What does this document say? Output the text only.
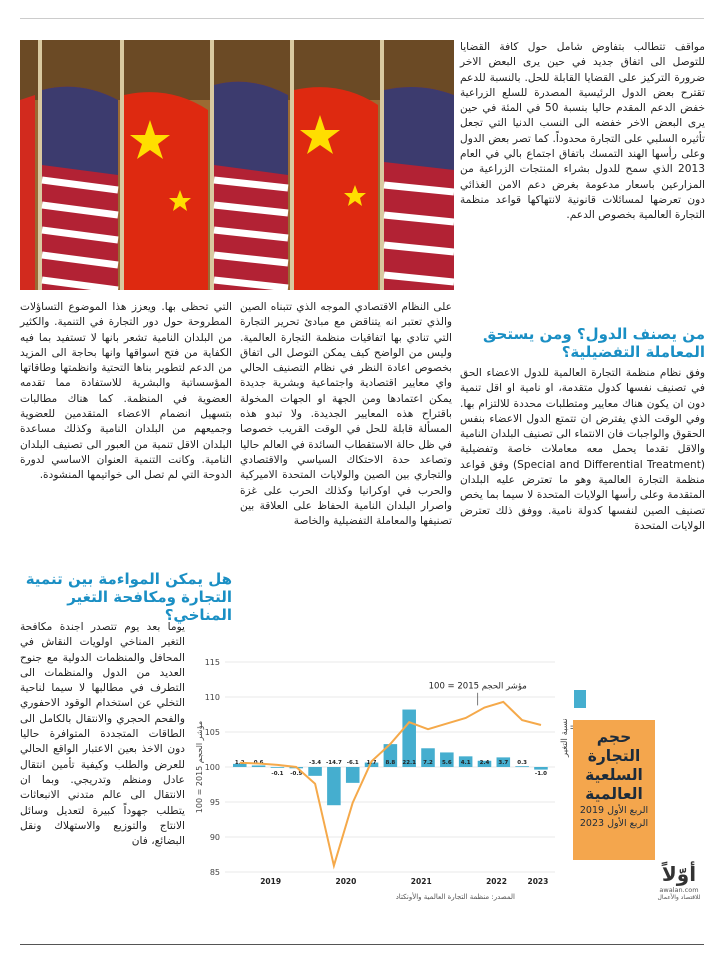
مواقف تتطالب بتفاوض شامل حول كافة القضايا للتوصل الى اتفاق جديد في حين يرى البعض الاخر ضرورة التركيز على القضايا القابلة للحل. بالنسبة للدعم تقترح بعض الدول الرئيسية المصدرة للسلع الزراعية خفض الدعم المقدم حاليا بنسبة 50 في المئة في حين يرى البعض الاخر خفضه الى النسب الدنيا التي تجعل تأثيره السلبي على التجارة محدوداً. كما تصر بعض الدول وعلى رأسها الهند التمسك باتفاق اجتماع بالي في العام 2013 الذي سمح للدول بشراء المنتجات الزراعية من المزارعين باسعار مدعومة بغرض دعم الامن الغذائي دون تعرضها لمسائلات قانونية لانتهاكها قواعد منظمة التجارة العالمية بخصوص الدعم.
من يصنف الدول؟ ومن يستحق المعاملة التفضيلية؟
وفق نظام منظمة التجارة العالمية للدول الاعضاء الحق في تصنيف نفسها كدول متقدمة، او نامية او اقل تنمية دون ان يكون هناك معايير ومتطلبات محددة للالتزام بها. وفي الوقت الذي يفترض ان تتمتع الدول الاعضاء بنفس الحقوق والواجبات فان الانتماء الى تصنيف البلدان النامية والاقل تقدما يحمل معه معاملات خاصة وتفضيلية (Special and Differential Treatment) وفق قواعد منظمة التجارة العالمية وهو ما تعترض عليه البلدان المتقدمة وعلى رأسها الولايات المتحدة لا سيما بما يخص تصنيف الصين لنفسها كدولة نامية. ووفق ذلك تعترض الولايات المتحدة
على النظام الاقتصادي الموجه الذي تتبناه الصين والذي تعتبر انه يتناقض مع مبادئ تحرير التجارة التي تنادي بها اتفاقيات منظمة التجارة العالمية. وليس من الواضح كيف يمكن التوصل الى اتفاق بخصوص اعادة النظر في نظام التصنيف الحالي واي معايير اقتصادية واجتماعية وبشرية جديدة يمكن اعتمادها ومن الجهة او الجهات المخولة باقتراح هذه المعايير الجديدة. ولا تبدو هذه المسألة قابلة للحل في الوقت القريب خصوصا في ظل حالة الاستقطاب السائدة في العالم حاليا وتصاعد حدة الاحتكاك السياسي والاقتصادي والتجاري بين الصين والولايات المتحدة الاميركية والحرب في اوكرانيا وكذلك الحرب على غزة واصرار البلدان النامية الحفاظ على العلاقة بين تصنيفها والمعاملة التفضيلية والخاصة
التي تحظى بها. ويعزز هذا الموضوع التساؤلات المطروحة حول دور التجارة في التنمية. والكثير من البلدان النامية تشعر بانها لا تستفيد بما فيه الكفاية من فتح اسواقها وانها بحاجة الى المزيد من الدعم لتطوير بناها التحتية وانظمتها وطاقاتها المؤسساتية والبشرية للاستفادة مما تقدمه العضوية في المنظمة. كما هناك مطالبات بتسهيل انضمام الاعضاء المتقدمين للعضوية وجميعهم من البلدان النامية وكذلك مساعدة البلدان الاقل تنمية من العبور الى تصنيف البلدان النامية. وكانت التنمية العنوان الاساسي لدورة الدوحة التي لم تصل الى خواتيمها المنشودة.
هل يمكن المواءمة بين تنمية التجارة ومكافحة التغير المناخي؟
يوما بعد يوم تتصدر اجندة مكافحة التغير المناخي اولويات النقاش في المحافل والمنظمات الدولية مع جنوح العديد من الدول والمنظمات الى التطرف في مطالبها لا سيما لناحية التخلي عن استخدام الوقود الاحفوري والفحم الحجري والانتقال بالكامل الى الطاقات المتجددة المتوافرة حاليا دون الاخذ بعين الاعتبار الواقع الحالي للعرض والطلب وكيفية تأمين انتقال عادل ومنظم وتدريجي. وبما ان الانتقال الى عالم متدني الانبعاثات يتطلب جهوداً كبيرة لتعديل وسائل الانتاج والتوزيع والاستهلاك ونقل البضائع، فان
85
90
95
100
105
110
115
مؤشر الحجم 2015 = 100	1.2 0.6
-0.1 -0.5
-3.4 -14.7 -6.1 1.7 8.8 22.1 7.2 5.6 4.1 2.4 3.7 0.3
-1.0
مؤشر الحجم 2015 = 100
2019	2020	2021	2022	2023
المصدر: منظمة التجارة العالمية والأونكتاد
نسبة التغير
حجم
التجارة
السلعية
العالمية
الربع الأول 2019
الربع الأول 2023
أوّلاً
awalan.com
للاقتصاد والأعمال
